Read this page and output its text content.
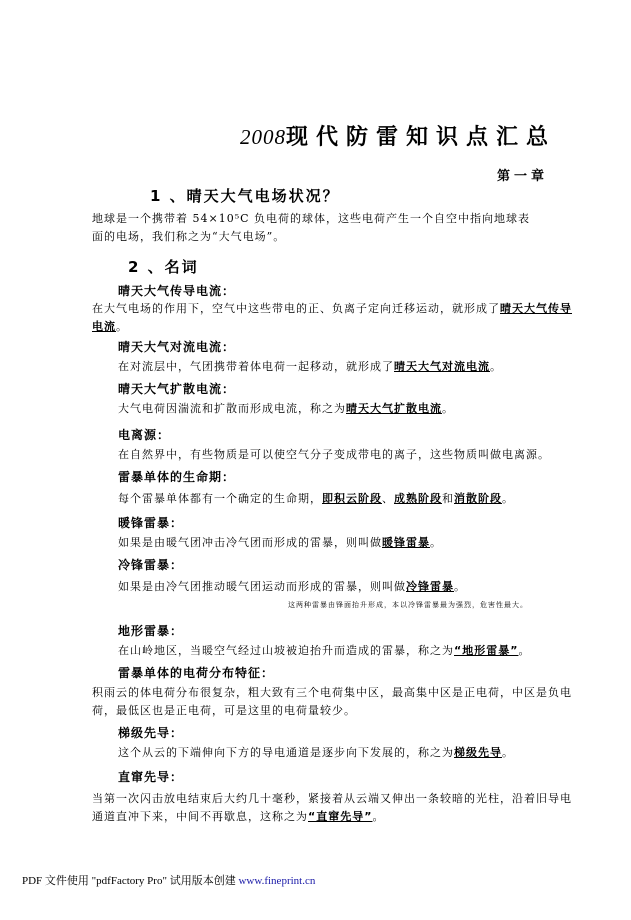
2008现代防雷知识点汇总
第一章
1 、晴天大气电场状况？
地球是一个携带着 54×10⁵C 负电荷的球体，这些电荷产生一个自空中指向地球表
面的电场，我们称之为“大气电场”。
2 、名词
晴天大气传导电流：
在大气电场的作用下，空气中这些带电的正、负离子定向迁移运动，就形成了晴天大气传导
电流。
晴天大气对流电流：
在对流层中，气团携带着体电荷一起移动，就形成了晴天大气对流电流。
晴天大气扩散电流：
大气电荷因湍流和扩散而形成电流，称之为晴天大气扩散电流。
电离源：
在自然界中，有些物质是可以使空气分子变成带电的离子，这些物质叫做电离源。
雷暴单体的生命期：
每个雷暴单体都有一个确定的生命期，即积云阶段、成熟阶段和消散阶段。
暖锋雷暴：
如果是由暖气团冲击冷气团而形成的雷暴，则叫做暖锋雷暴。
冷锋雷暴：
如果是由冷气团推动暖气团运动而形成的雷暴，则叫做冷锋雷暴。
这两种雷暴由锋面抬升形成，本以冷锋雷暴最为强烈，危害性最大。
地形雷暴：
在山岭地区，当暖空气经过山坡被迫抬升而造成的雷暴，称之为“地形雷暴”。
雷暴单体的电荷分布特征：
积雨云的体电荷分布很复杂，粗大致有三个电荷集中区，最高集中区是正电荷，中区是负电
荷，最低区也是正电荷，可是这里的电荷量较少。
梯级先导：
这个从云的下端伸向下方的导电通道是逐步向下发展的，称之为梯级先导。
直窜先导：
当第一次闪击放电结束后大约几十毫秒，紧接着从云端又伸出一条较暗的光柱，沿着旧导电
通道直冲下来，中间不再歇息，这称之为“直窜先导”。
PDF 文件使用 "pdfFactory Pro" 试用版本创建 www.fineprint.cn
